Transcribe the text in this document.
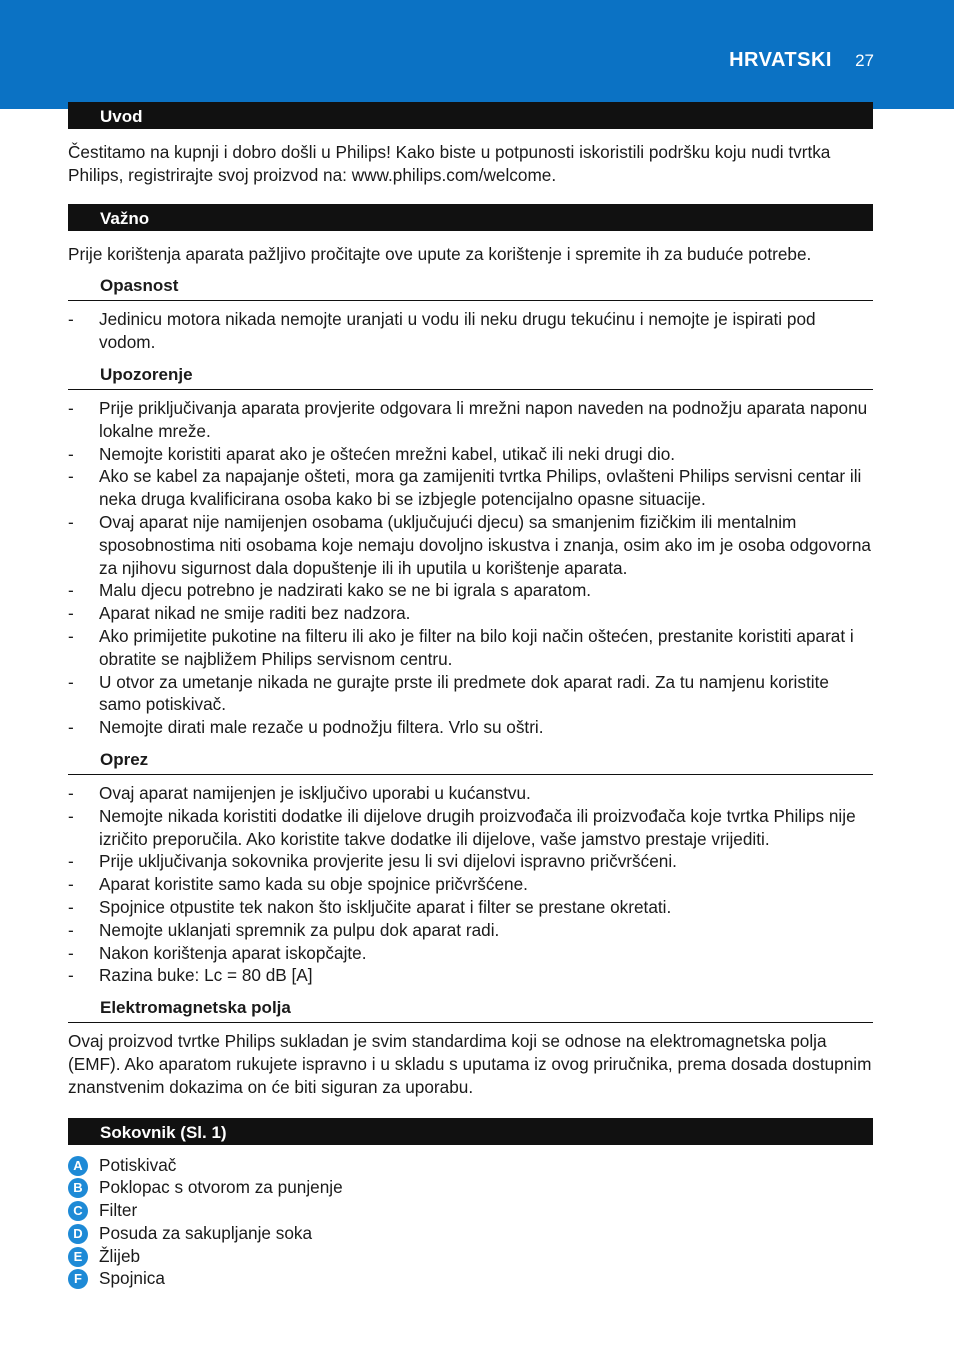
HRVATSKI 27
Uvod

Čestitamo na kupnji i dobro došli u Philips! Kako biste u potpunosti iskoristili podršku koju nudi tvrtka Philips, registrirajte svoj proizvod na: www.philips.com/welcome.

Važno

Prije korištenja aparata pažljivo pročitajte ove upute za korištenje i spremite ih za buduće potrebe.

Opasnost
- Jedinicu motora nikada nemojte uranjati u vodu ili neku drugu tekućinu i nemojte je ispirati pod vodom.
Upozorenje
- Prije priključivanja aparata provjerite odgovara li mrežni napon naveden na podnožju aparata naponu lokalne mreže.
- Nemojte koristiti aparat ako je oštećen mrežni kabel, utikač ili neki drugi dio.
- Ako se kabel za napajanje ošteti, mora ga zamijeniti tvrtka Philips, ovlašteni Philips servisni centar ili neka druga kvalificirana osoba kako bi se izbjegle potencijalno opasne situacije.
- Ovaj aparat nije namijenjen osobama (uključujući djecu) sa smanjenim fizičkim ili mentalnim sposobnostima niti osobama koje nemaju dovoljno iskustva i znanja, osim ako im je osoba odgovorna za njihovu sigurnost dala dopuštenje ili ih uputila u korištenje aparata.
- Malu djecu potrebno je nadzirati kako se ne bi igrala s aparatom.
- Aparat nikad ne smije raditi bez nadzora.
- Ako primijetite pukotine na filteru ili ako je filter na bilo koji način oštećen, prestanite koristiti aparat i obratite se najbližem Philips servisnom centru.
- U otvor za umetanje nikada ne gurajte prste ili predmete dok aparat radi. Za tu namjenu koristite samo potiskivač.
- Nemojte dirati male rezače u podnožju filtera. Vrlo su oštri.
Oprez
- Ovaj aparat namijenjen je isključivo uporabi u kućanstvu.
- Nemojte nikada koristiti dodatke ili dijelove drugih proizvođača ili proizvođača koje tvrtka Philips nije izričito preporučila. Ako koristite takve dodatke ili dijelove, vaše jamstvo prestaje vrijediti.
- Prije uključivanja sokovnika provjerite jesu li svi dijelovi ispravno pričvršćeni.
- Aparat koristite samo kada su obje spojnice pričvršćene.
- Spojnice otpustite tek nakon što isključite aparat i filter se prestane okretati.
- Nemojte uklanjati spremnik za pulpu dok aparat radi.
- Nakon korištenja aparat iskopčajte.
- Razina buke: Lc = 80 dB [A]
Elektromagnetska polja

Ovaj proizvod tvrtke Philips sukladan je svim standardima koji se odnose na elektromagnetska polja (EMF). Ako aparatom rukujete ispravno i u skladu s uputama iz ovog priručnika, prema dosada dostupnim znanstvenim dokazima on će biti siguran za uporabu.

Sokovnik (Sl. 1)
A Potiskivač
B Poklopac s otvorom za punjenje
C Filter
D Posuda za sakupljanje soka
E Žlijeb
F Spojnica
